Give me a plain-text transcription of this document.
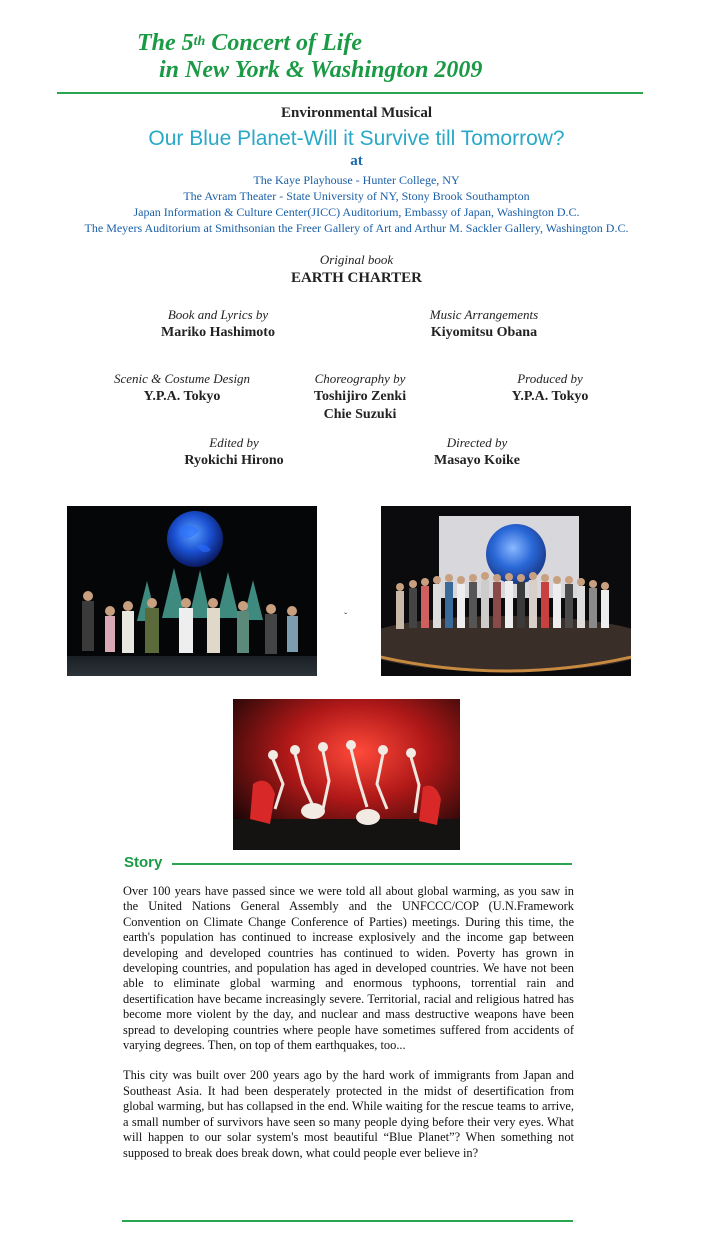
The 5th Concert of Life
in New York & Washington 2009
Environmental Musical
Our Blue Planet-Will it Survive till Tomorrow?
at
The Kaye Playhouse - Hunter College, NY
The Avram Theater - State University of NY, Stony Brook Southampton
Japan Information & Culture Center(JICC) Auditorium, Embassy of Japan, Washington D.C.
The Meyers Auditorium at Smithsonian the Freer Gallery of Art and Arthur M. Sackler Gallery, Washington D.C.
Original book
EARTH CHARTER
Book and Lyrics by
Mariko Hashimoto
Music Arrangements
Kiyomitsu Obana
Scenic & Costume Design
Y.P.A. Tokyo
Choreography by
Toshijiro Zenki
Chie Suzuki
Produced by
Y.P.A. Tokyo
Edited by
Ryokichi Hirono
Directed by
Masayo Koike
ˇ
Story

Over 100 years have passed since we were told all about global warming, as you saw in the United Nations General Assembly and the UNFCCC/COP (U.N.Framework Convention on Climate Change Conference of Parties) meetings. During this time, the earth's population has continued to increase explosively and the income gap between developing and developed countries has continued to widen. Poverty has grown in developing countries, and population has aged in developed countries. We have not been able to eliminate global warming and enormous typhoons, torrential rain and desertification have became increasingly severe. Territorial, racial and religious hatred has become more violent by the day, and nuclear and mass destructive weapons have been spread to developing countries where people have sometimes suffered from accidents of varying degrees. Then, on top of them earthquakes, too...

This city was built over 200 years ago by the hard work of immigrants from Japan and Southeast Asia. It had been desperately protected in the midst of desertification from global warming, but has collapsed in the end. While waiting for the rescue teams to arrive, a small number of survivors have seen so many people dying before their very eyes. What will happen to our solar system's most beautiful “Blue Planet”? When something not supposed to break does break down, what could people ever believe in?
